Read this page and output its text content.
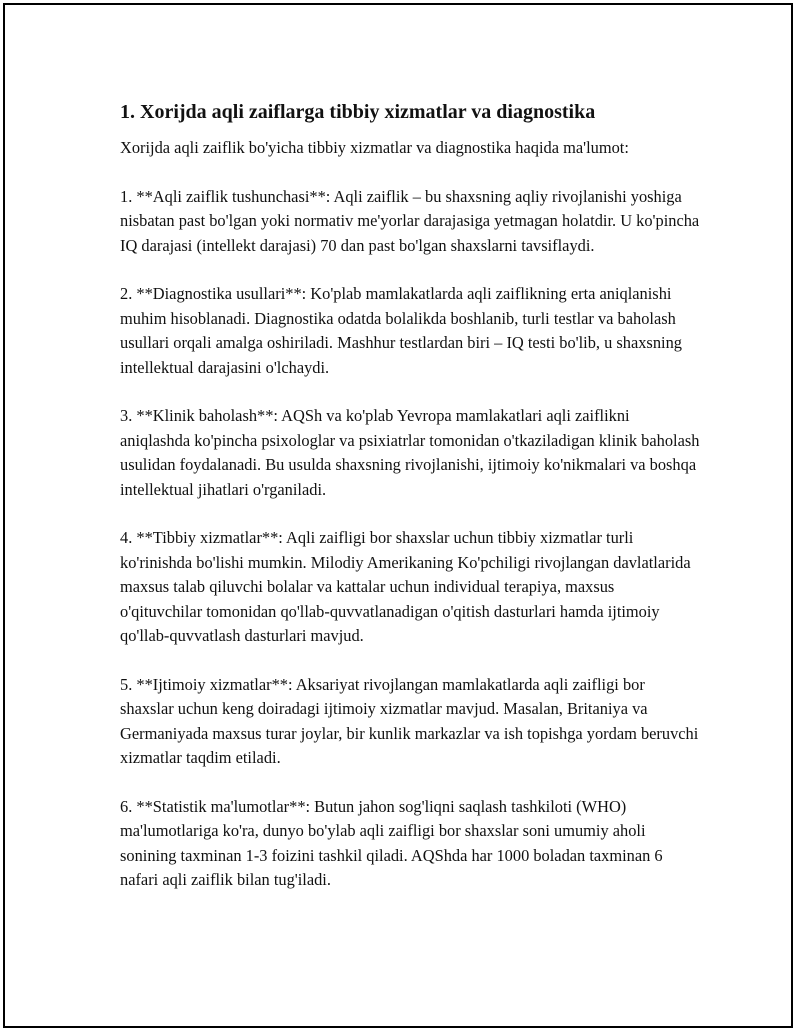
1. Xorijda aqli zaiflarga tibbiy xizmatlar va diagnostika

Xorijda aqli zaiflik bo'yicha tibbiy xizmatlar va diagnostika haqida ma'lumot:

1. **Aqli zaiflik tushunchasi**: Aqli zaiflik – bu shaxsning aqliy rivojlanishi yoshiga nisbatan past bo'lgan yoki normativ me'yorlar darajasiga yetmagan holatdir. U ko'pincha IQ darajasi (intellekt darajasi) 70 dan past bo'lgan shaxslarni tavsiflaydi.

2. **Diagnostika usullari**: Ko'plab mamlakatlarda aqli zaiflikning erta aniqlanishi muhim hisoblanadi. Diagnostika odatda bolalikda boshlanib, turli testlar va baholash usullari orqali amalga oshiriladi. Mashhur testlardan biri – IQ testi bo'lib, u shaxsning intellektual darajasini o'lchaydi.

3. **Klinik baholash**: AQSh va ko'plab Yevropa mamlakatlari aqli zaiflikni aniqlashda ko'pincha psixologlar va psixiatrlar tomonidan o'tkaziladigan klinik baholash usulidan foydalanadi. Bu usulda shaxsning rivojlanishi, ijtimoiy ko'nikmalari va boshqa intellektual jihatlari o'rganiladi.

4. **Tibbiy xizmatlar**: Aqli zaifligi bor shaxslar uchun tibbiy xizmatlar turli ko'rinishda bo'lishi mumkin. Milodiy Amerikaning Ko'pchiligi rivojlangan davlatlarida maxsus talab qiluvchi bolalar va kattalar uchun individual terapiya, maxsus o'qituvchilar tomonidan qo'llab-quvvatlanadigan o'qitish dasturlari hamda ijtimoiy qo'llab-quvvatlash dasturlari mavjud.

5. **Ijtimoiy xizmatlar**: Aksariyat rivojlangan mamlakatlarda aqli zaifligi bor shaxslar uchun keng doiradagi ijtimoiy xizmatlar mavjud. Masalan, Britaniya va Germaniyada maxsus turar joylar, bir kunlik markazlar va ish topishga yordam beruvchi xizmatlar taqdim etiladi.

6. **Statistik ma'lumotlar**: Butun jahon sog'liqni saqlash tashkiloti (WHO) ma'lumotlariga ko'ra, dunyo bo'ylab aqli zaifligi bor shaxslar soni umumiy aholi sonining taxminan 1-3 foizini tashkil qiladi. AQShda har 1000 boladan taxminan 6 nafari aqli zaiflik bilan tug'iladi.
